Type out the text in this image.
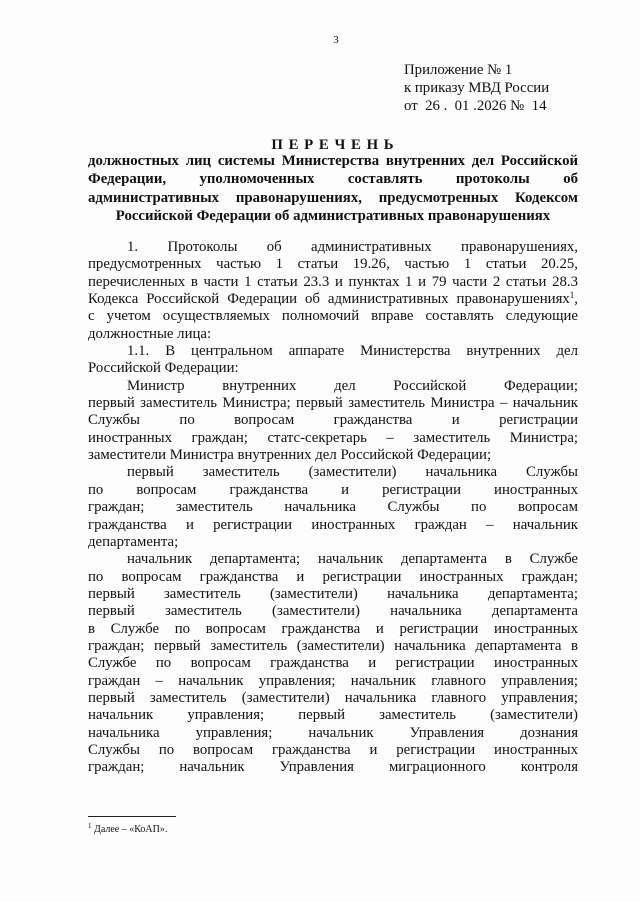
3
Приложение № 1
к приказу МВД России
от  26 .  01 .2026 №  14
П Е Р Е Ч Е Н Ь
должностных лиц системы Министерства внутренних дел Российской
Федерации, уполномоченных составлять протоколы об
административных правонарушениях, предусмотренных Кодексом
Российской Федерации об административных правонарушениях
1. Протоколы об административных правонарушениях,
предусмотренных частью 1 статьи 19.26, частью 1 статьи 20.25,
перечисленных в части 1 статьи 23.3 и пунктах 1 и 79 части 2 статьи 28.3
Кодекса Российской Федерации об административных правонарушениях$^1$,
с учетом осуществляемых полномочий вправе составлять следующие
должностные лица:
1.1. В центральном аппарате Министерства внутренних дел
Российской Федерации:
Министр внутренних дел Российской Федерации;
первый заместитель Министра; первый заместитель Министра – начальник
Службы по вопросам гражданства и регистрации
иностранных граждан; статс-секретарь – заместитель Министра;
заместители Министра внутренних дел Российской Федерации;
первый заместитель (заместители) начальника Службы
по вопросам гражданства и регистрации иностранных
граждан; заместитель начальника Службы по вопросам
гражданства и регистрации иностранных граждан – начальник
департамента;
начальник департамента; начальник департамента в Службе
по вопросам гражданства и регистрации иностранных граждан;
первый заместитель (заместители) начальника департамента;
первый заместитель (заместители) начальника департамента
в Службе по вопросам гражданства и регистрации иностранных
граждан; первый заместитель (заместители) начальника департамента в
Службе по вопросам гражданства и регистрации иностранных
граждан – начальник управления; начальник главного управления;
первый заместитель (заместители) начальника главного управления;
начальник управления; первый заместитель (заместители)
начальника управления; начальник Управления дознания
Службы по вопросам гражданства и регистрации иностранных
граждан; начальник Управления миграционного контроля
$^1$ Далее – «КоАП».
